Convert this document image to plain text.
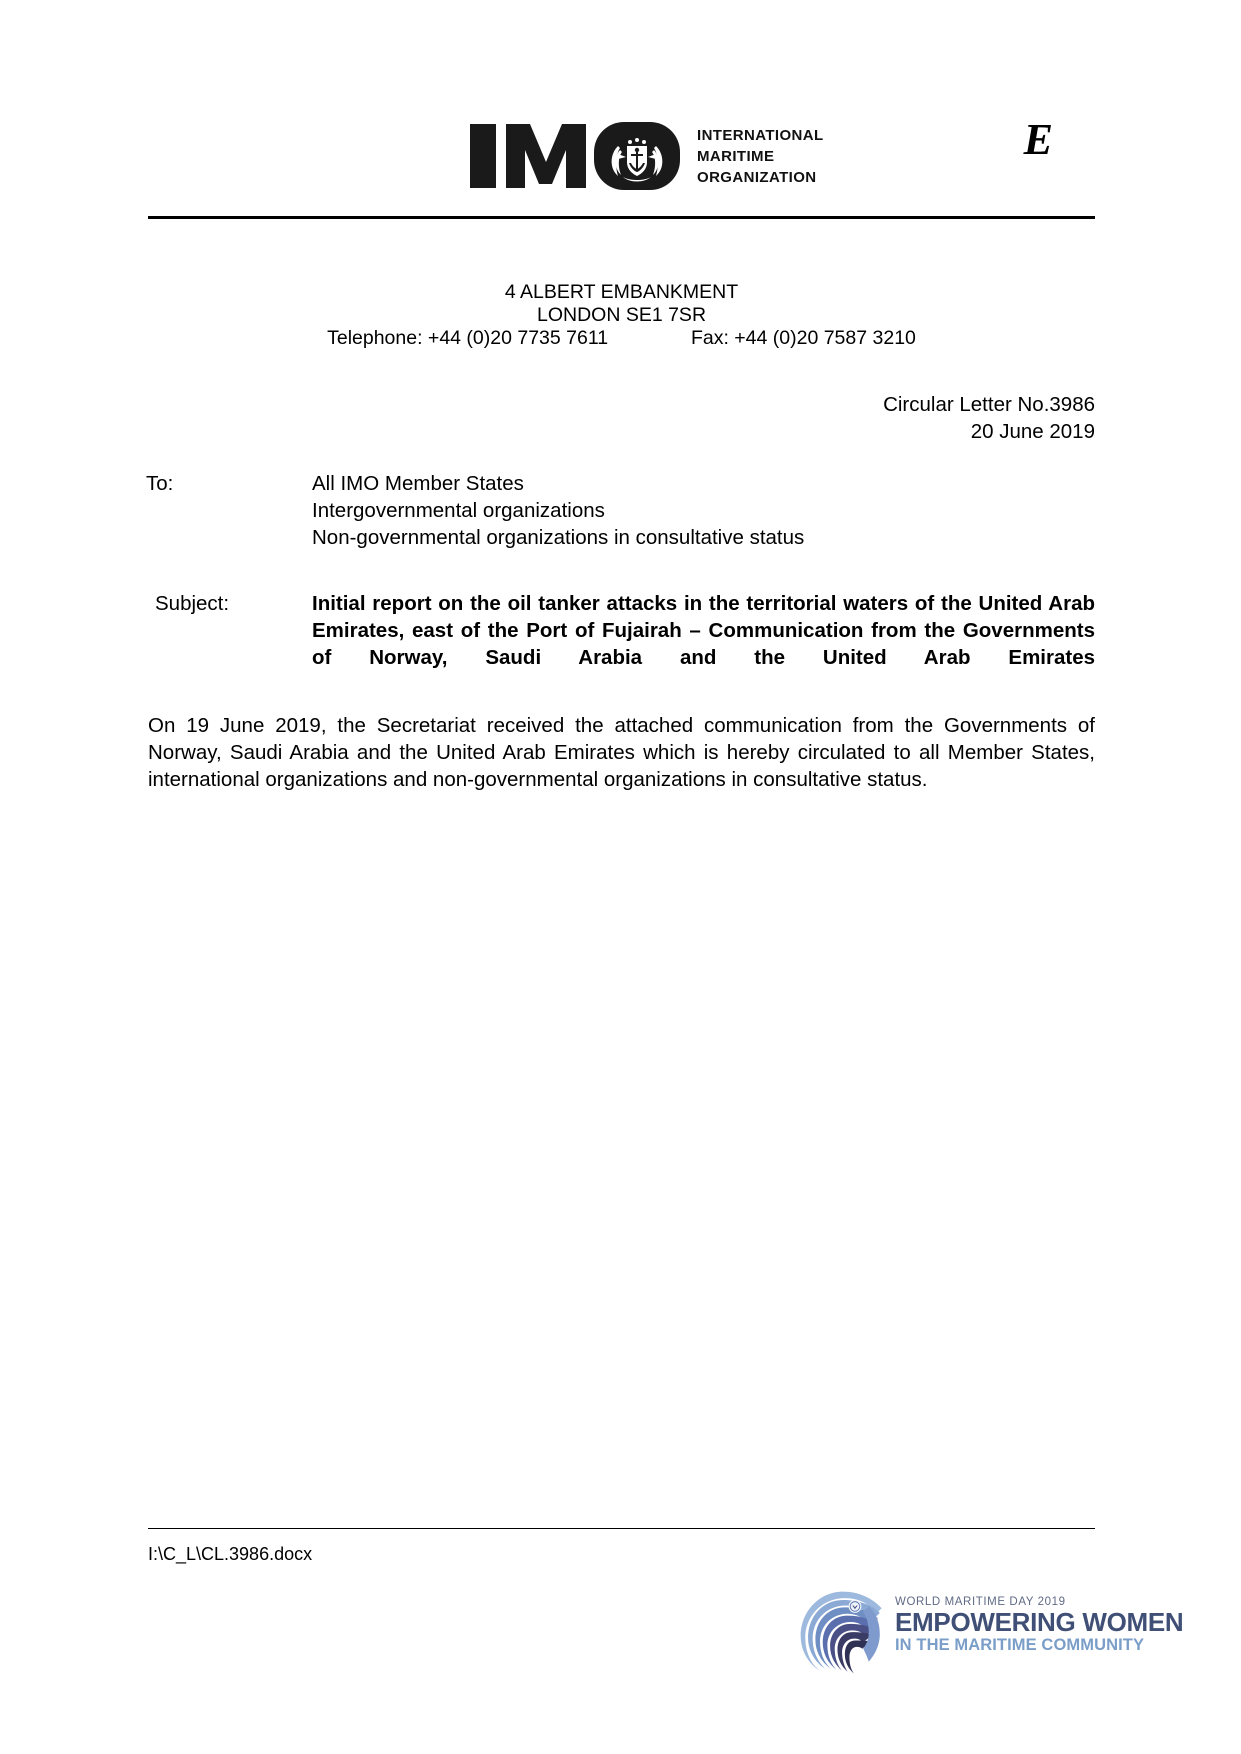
INTERNATIONAL
MARITIME
ORGANIZATION
E
4 ALBERT EMBANKMENT
LONDON SE1 7SR
Telephone: +44 (0)20 7735 7611	Fax: +44 (0)20 7587 3210
Circular Letter No.3986
20 June 2019
To:	All IMO Member States
Intergovernmental organizations
Non-governmental organizations in consultative status
Subject:	Initial report on the oil tanker attacks in the territorial waters of the United Arab Emirates, east of the Port of Fujairah – Communication from the Governments of Norway, Saudi Arabia and the United Arab Emirates
On 19 June 2019, the Secretariat received the attached communication from the Governments of Norway, Saudi Arabia and the United Arab Emirates which is hereby circulated to all Member States, international organizations and non-governmental organizations in consultative status.
I:\C_L\CL.3986.docx
WORLD MARITIME DAY 2019
EMPOWERING WOMEN
IN THE MARITIME COMMUNITY
